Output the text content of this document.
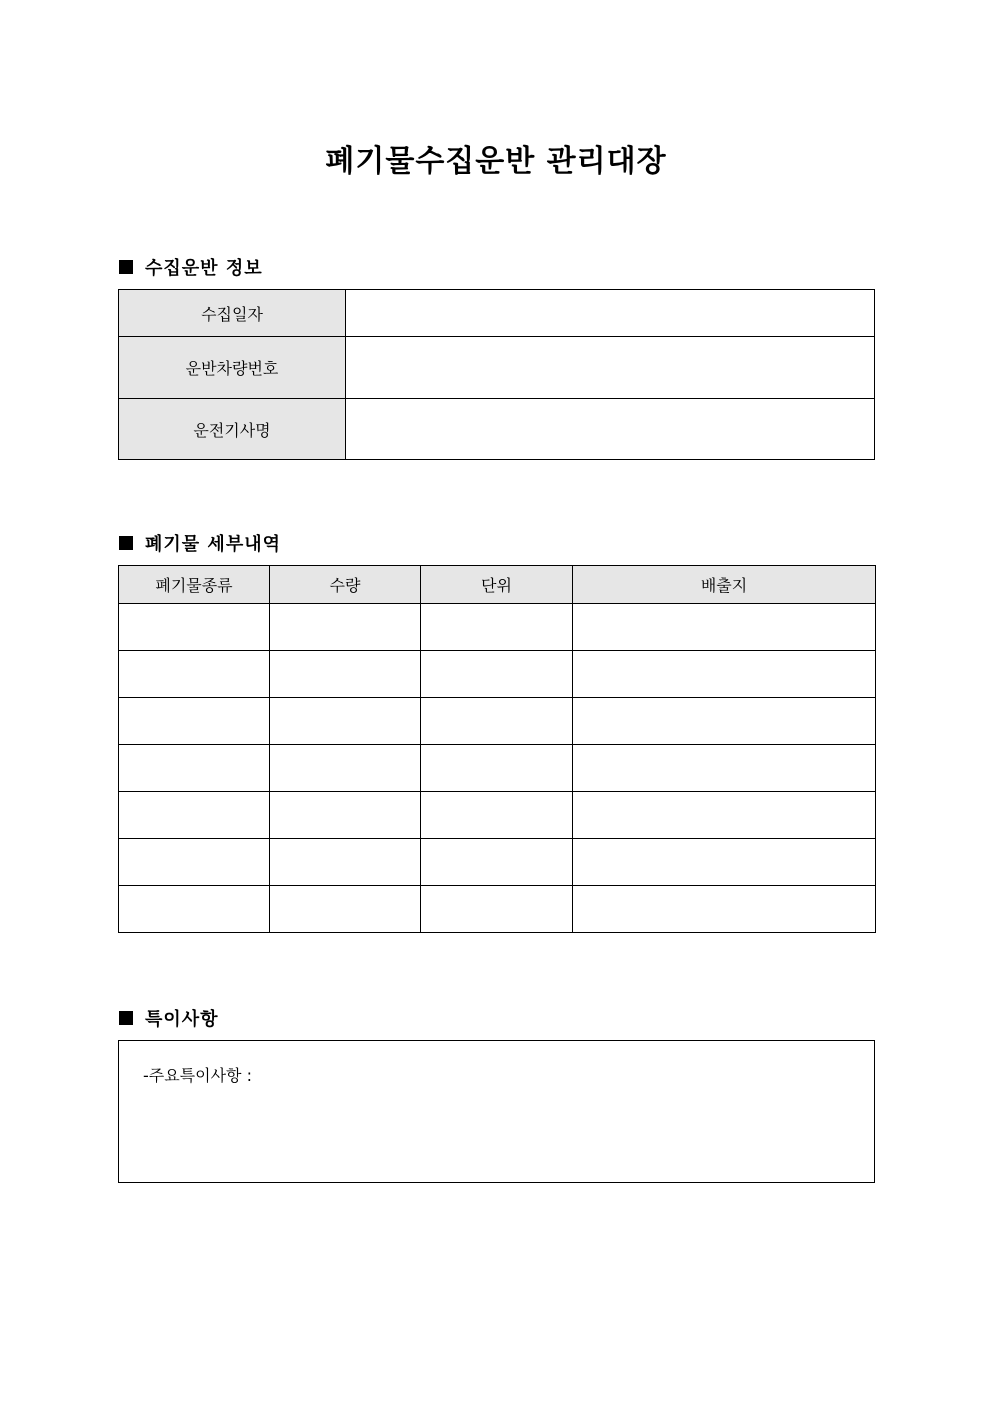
폐기물수집운반 관리대장
수집운반 정보
수집일자	
운반차량번호	
운전기사명	
폐기물 세부내역
폐기물종류	수량	단위	배출지

특이사항
-주요특이사항 :
